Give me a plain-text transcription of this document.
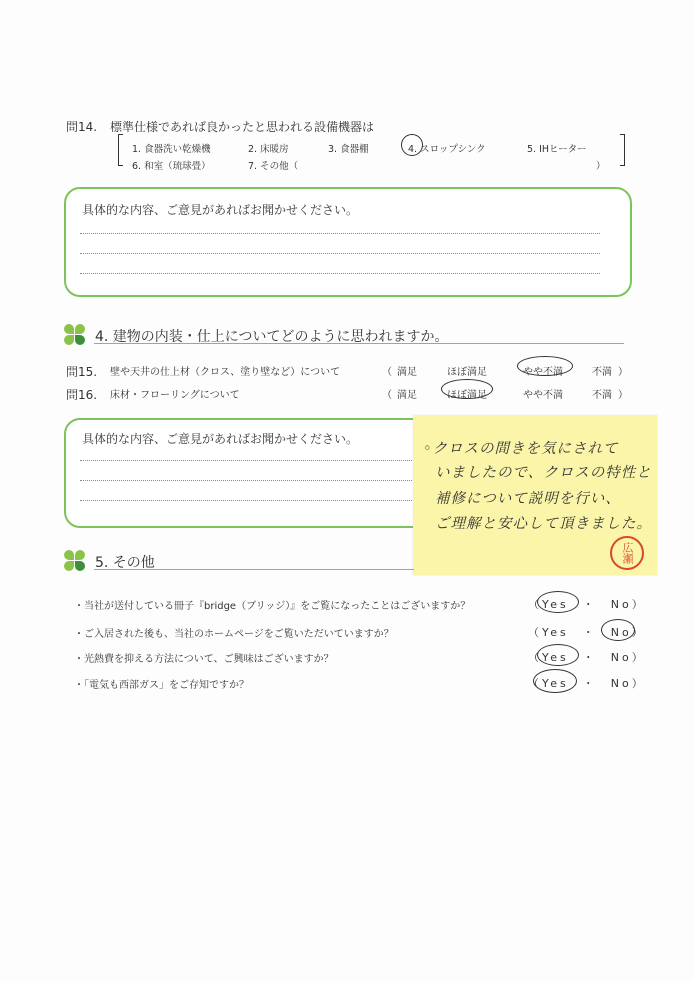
問14. 標準仕様であれば良かったと思われる設備機器は
1. 食器洗い乾燥機	2. 床暖房	3. 食器棚	4. スロップシンク	5. IHヒーター
6. 和室（琉球畳）	7. その他（	）
具体的な内容、ご意見があればお聞かせください。
4. 建物の内装・仕上についてどのように思われますか。
問15. 壁や天井の仕上材（クロス、塗り壁など）について	（ 満足	ほぼ満足	やや不満	不満 ）
問16. 床材・フローリングについて	（ 満足	ほぼ満足	やや不満	不満 ）
具体的な内容、ご意見があればお聞かせください。
◦クロスの間きを気にされて
いましたので、クロスの特性と
補修について説明を行い、
ご理解と安心して頂きました。
広瀬
5. その他
・当社が送付している冊子『bridge（ブリッジ）』をご覧になったことはございますか？	（Yes　・　No）
・ご入居された後も、当社のホームページをご覧いただいていますか？	（Yes　・　No）
・光熱費を抑える方法について、ご興味はございますか？	（Yes　・　No）
・「電気も西部ガス」をご存知ですか？	（Yes　・　No）
